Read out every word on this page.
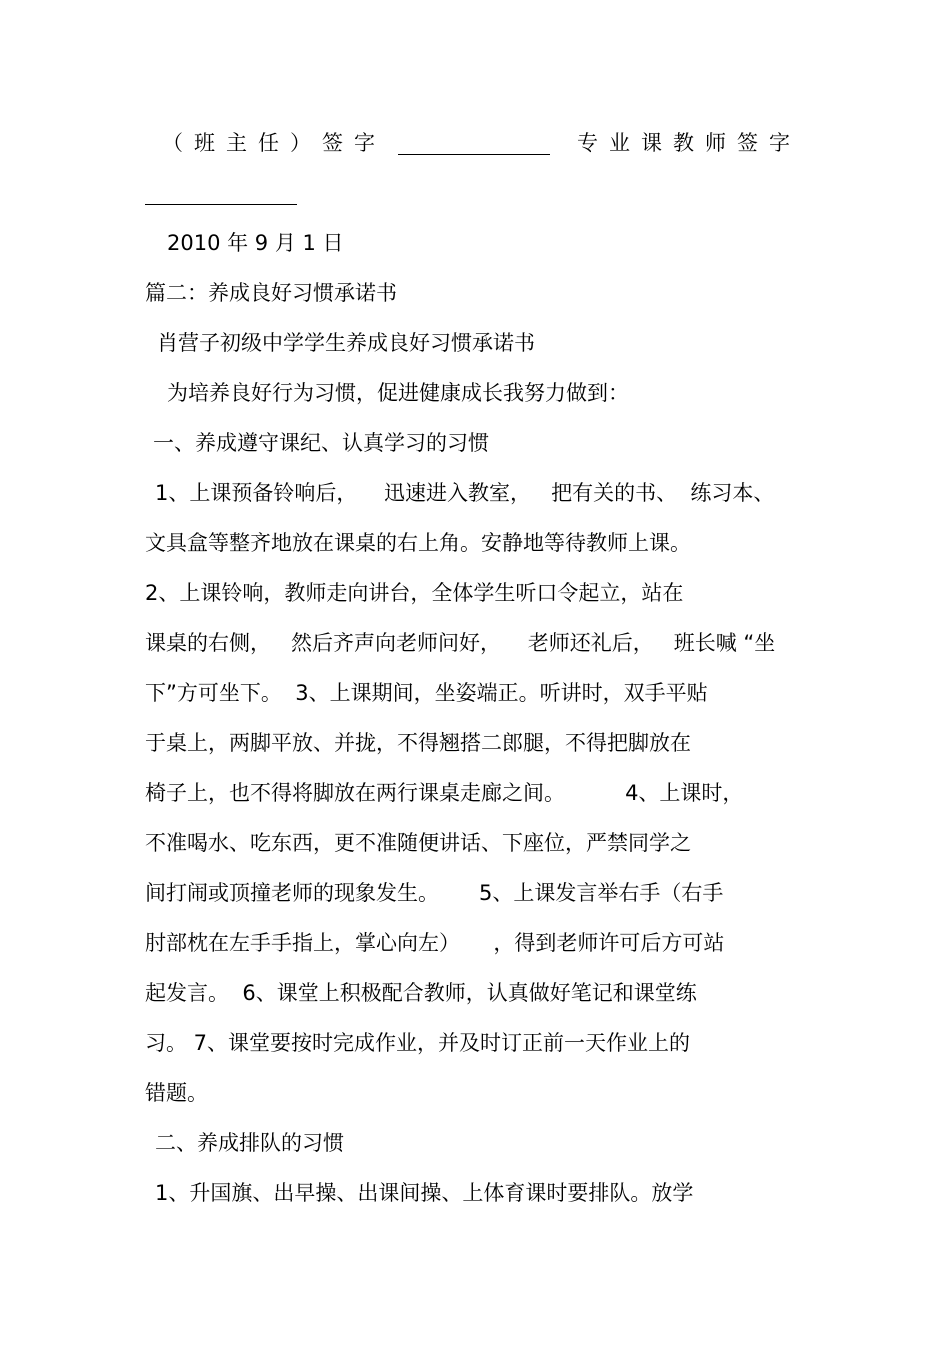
（班主任）签字	专业课教师签字
2010 年 9 月 1 日
篇二：养成良好习惯承诺书
肖营子初级中学学生养成良好习惯承诺书
为培养良好行为习惯，促进健康成长我努力做到：
一、养成遵守课纪、认真学习的习惯
1、上课预备铃响后，    迅速进入教室，   把有关的书、  练习本、
文具盒等整齐地放在课桌的右上角。安静地等待教师上课。
2、上课铃响，教师走向讲台，全体学生听口令起立，站在
课桌的右侧，   然后齐声向老师问好，    老师还礼后，   班长喊 “坐
下”方可坐下。  3、上课期间，坐姿端正。听讲时，双手平贴
于桌上，两脚平放、并拢，不得翘搭二郎腿，不得把脚放在
椅子上，也不得将脚放在两行课桌走廊之间。         4、上课时，
不准喝水、吃东西，更不准随便讲话、下座位，严禁同学之
间打闹或顶撞老师的现象发生。      5、上课发言举右手（右手
肘部枕在左手手指上，掌心向左）     ，得到老师许可后方可站
起发言。  6、课堂上积极配合教师，认真做好笔记和课堂练
习。 7、课堂要按时完成作业，并及时订正前一天作业上的
错题。
二、养成排队的习惯
1、升国旗、出早操、出课间操、上体育课时要排队。放学
